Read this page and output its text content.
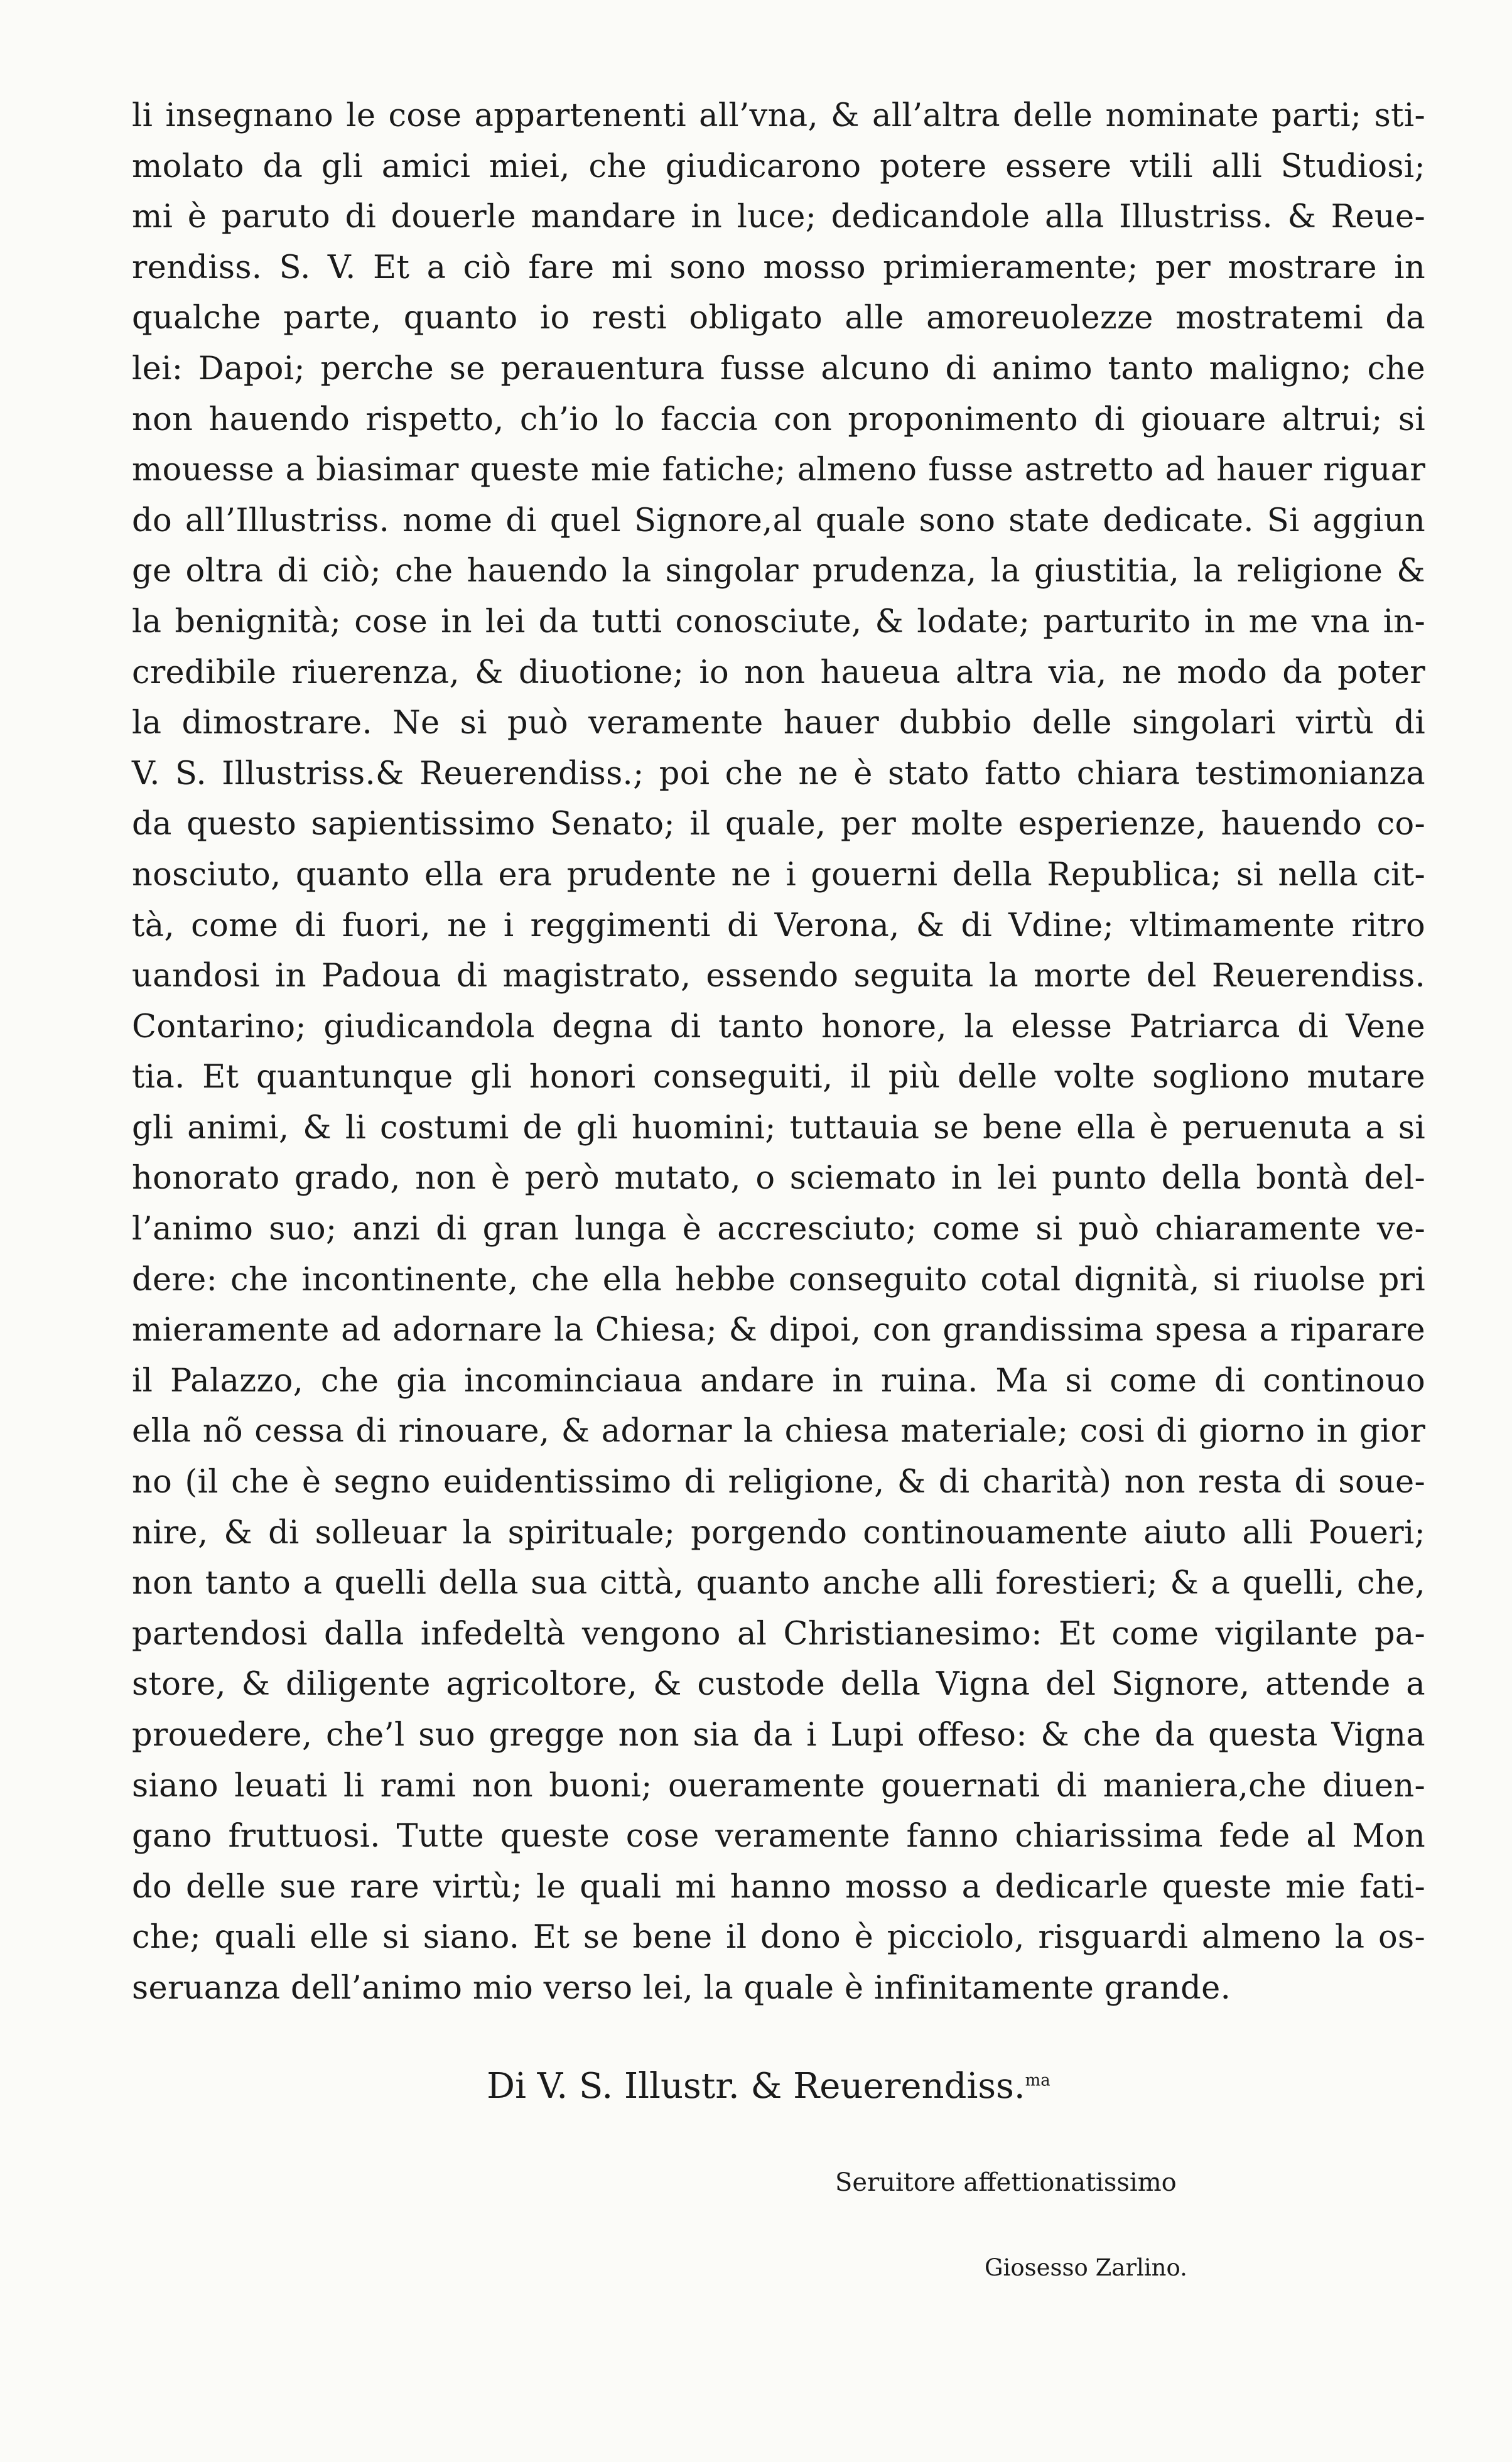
li insegnano le cose appartenenti all’vna, & all’altra delle nominate parti; sti-
molato da gli amici miei, che giudicarono potere essere vtili alli Studiosi;
mi è paruto di douerle mandare in luce; dedicandole alla Illustriss. & Reue-
rendiss. S. V. Et a ciò fare mi sono mosso primieramente; per mostrare in
qualche parte, quanto io resti obligato alle amoreuolezze mostratemi da
lei: Dapoi; perche se perauentura fusse alcuno di animo tanto maligno; che
non hauendo rispetto, ch’io lo faccia con proponimento di giouare altrui; si
mouesse a biasimar queste mie fatiche; almeno fusse astretto ad hauer riguar
do all’Illustriss. nome di quel Signore,al quale sono state dedicate. Si aggiun
ge oltra di ciò; che hauendo la singolar prudenza, la giustitia, la religione &
la benignità; cose in lei da tutti conosciute, & lodate; parturito in me vna in-
credibile riuerenza, & diuotione; io non haueua altra via, ne modo da poter
la dimostrare. Ne si può veramente hauer dubbio delle singolari virtù di
V. S. Illustriss.& Reuerendiss.; poi che ne è stato fatto chiara testimonianza
da questo sapientissimo Senato; il quale, per molte esperienze, hauendo co-
nosciuto, quanto ella era prudente ne i gouerni della Republica; si nella cit-
tà, come di fuori, ne i reggimenti di Verona, & di Vdine; vltimamente ritro
uandosi in Padoua di magistrato, essendo seguita la morte del Reuerendiss.
Contarino; giudicandola degna di tanto honore, la elesse Patriarca di Vene
tia. Et quantunque gli honori conseguiti, il più delle volte sogliono mutare
gli animi, & li costumi de gli huomini; tuttauia se bene ella è peruenuta a si
honorato grado, non è però mutato, o sciemato in lei punto della bontà del-
l’animo suo; anzi di gran lunga è accresciuto; come si può chiaramente ve-
dere: che incontinente, che ella hebbe conseguito cotal dignità, si riuolse pri
mieramente ad adornare la Chiesa; & dipoi, con grandissima spesa a riparare
il Palazzo, che gia incominciaua andare in ruina. Ma si come di continouo
ella nõ cessa di rinouare, & adornar la chiesa materiale; cosi di giorno in gior
no (il che è segno euidentissimo di religione, & di charità) non resta di soue-
nire, & di solleuar la spirituale; porgendo continouamente aiuto alli Poueri;
non tanto a quelli della sua città, quanto anche alli forestieri; & a quelli, che,
partendosi dalla infedeltà vengono al Christianesimo: Et come vigilante pa-
store, & diligente agricoltore, & custode della Vigna del Signore, attende a
prouedere, che’l suo gregge non sia da i Lupi offeso: & che da questa Vigna
siano leuati li rami non buoni; oueramente gouernati di maniera,che diuen-
gano fruttuosi. Tutte queste cose veramente fanno chiarissima fede al Mon
do delle sue rare virtù; le quali mi hanno mosso a dedicarle queste mie fati-
che; quali elle si siano. Et se bene il dono è picciolo, risguardi almeno la os-
seruanza dell’animo mio verso lei, la quale è infinitamente grande.
Di V. S. Illustr. & Reuerendiss.$^{ma}$
Seruitore affettionatissimo
Giosesso Zarlino.
